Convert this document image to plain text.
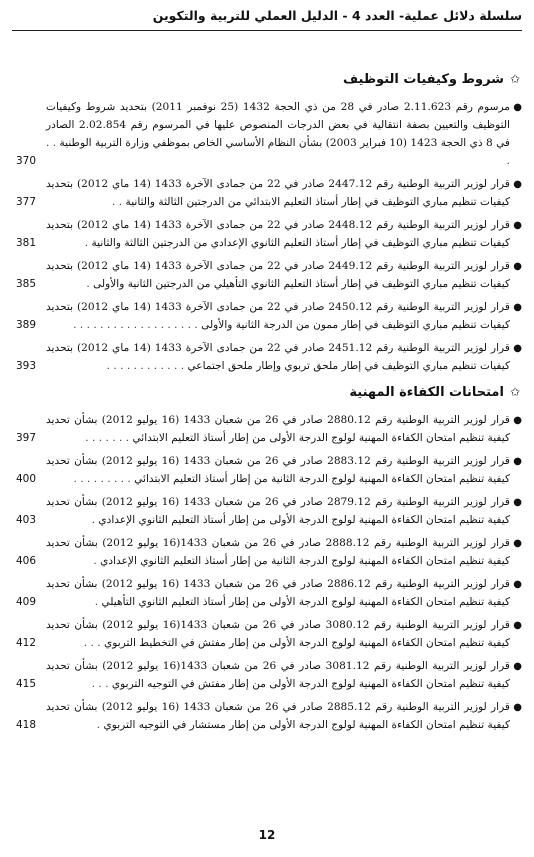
سلسلة دلائل عملية- العدد 4 - الدليل العملي للتربية والتكوين
✩شروط وكيفيات التوظيف
●
مرسوم رقم 2.11.623 صادر في 28 من ذي الحجة 1432 (25 نوفمبر 2011) بتحديد شروط وكيفيات التوظيف والتعيين بصفة انتقالية في بعض الدرجات المنصوص عليها في المرسوم رقم 2.02.854 الصادر في 8 ذي الحجة 1423 (10 فبراير 2003) بشأن النظام الأساسي الخاص بموظفي وزارة التربية الوطنية . . .
370
●
قرار لوزير التربية الوطنية رقم 2447.12 صادر في 22 من جمادى الآخرة 1433 (14 ماي 2012) بتحديد كيفيات تنظيم مباري التوظيف في إطار أستاذ التعليم الابتدائي من الدرجتين الثالثة والثانية . .
377
●
قرار لوزير التربية الوطنية رقم 2448.12 صادر في 22 من جمادى الآخرة 1433 (14 ماي 2012) بتحديد كيفيات تنظيم مباري التوظيف في إطار أستاذ التعليم الثانوي الإعدادي من الدرجتين الثالثة والثانية .
381
●
قرار لوزير التربية الوطنية رقم 2449.12 صادر في 22 من جمادى الآخرة 1433 (14 ماي 2012) بتحديد كيفيات تنظيم مباري التوظيف في إطار أستاذ التعليم الثانوي التأهيلي من الدرجتين الثانية والأولى .
385
●
قرار لوزير التربية الوطنية رقم 2450.12 صادر في 22 من جمادى الآخرة 1433 (14 ماي 2012) بتحديد كيفيات تنظيم مباري التوظيف في إطار ممون من الدرجة الثانية والأولى . . . . . . . . . . . . . . . . . . .
389
●
قرار لوزير التربية الوطنية رقم 2451.12 صادر في 22 من جمادى الآخرة 1433 (14 ماي 2012) بتحديد كيفيات تنظيم مباري التوظيف في إطار ملحق تربوي وإطار ملحق اجتماعي . . . . . . . . . . . .
393
✩امتحانات الكفاءة المهنية
●
قرار لوزير التربية الوطنية رقم 2880.12 صادر في 26 من شعبان 1433 (16 يوليو 2012) بشأن تحديد كيفية تنظيم امتحان الكفاءة المهنية لولوج الدرجة الأولى من إطار أستاذ التعليم الابتدائي . . . . . . .
397
●
قرار لوزير التربية الوطنية رقم 2883.12 صادر في 26 من شعبان 1433 (16 يوليو 2012) بشأن تحديد كيفية تنظيم امتحان الكفاءة المهنية لولوج الدرجة الثانية من إطار أستاذ التعليم الابتدائي . . . . . . . . .
400
●
قرار لوزير التربية الوطنية رقم 2879.12 صادر في 26 من شعبان 1433 (16 يوليو 2012) بشأن تحديد كيفية تنظيم امتحان الكفاءة المهنية لولوج الدرجة الأولى من إطار أستاذ التعليم الثانوي الإعدادي .
403
●
قرار لوزير التربية الوطنية رقم 2888.12 صادر في 26 من شعبان 1433(16 يوليو 2012) بشأن تحديد كيفية تنظيم امتحان الكفاءة المهنية لولوج الدرجة الثانية من إطار أستاذ التعليم الثانوي الإعدادي .
406
●
قرار لوزير التربية الوطنية رقم 2886.12 صادر في 26 من شعبان 1433 (16 يوليو 2012) بشأن تحديد كيفية تنظيم امتحان الكفاءة المهنية لولوج الدرجة الأولى من إطار أستاذ التعليم الثانوي التأهيلي .
409
●
قرار لوزير التربية الوطنية رقم 3080.12 صادر في 26 من شعبان 1433(16 يوليو 2012) بشأن تحديد كيفية تنظيم امتحان الكفاءة المهنية لولوج الدرجة الأولى من إطار مفتش في التخطيط التربوي . . .
412
●
قرار لوزير التربية الوطنية رقم 3081.12 صادر في 26 من شعبان 1433(16 يوليو 2012) بشأن تحديد كيفية تنظيم امتحان الكفاءة المهنية لولوج الدرجة الأولى من إطار مفتش في التوجيه التربوي . . .
415
●
قرار لوزير التربية الوطنية رقم 2885.12 صادر في 26 من شعبان 1433 (16 يوليو 2012) بشأن تحديد كيفية تنظيم امتحان الكفاءة المهنية لولوج الدرجة الأولى من إطار مستشار في التوجيه التربوي .
418
12
